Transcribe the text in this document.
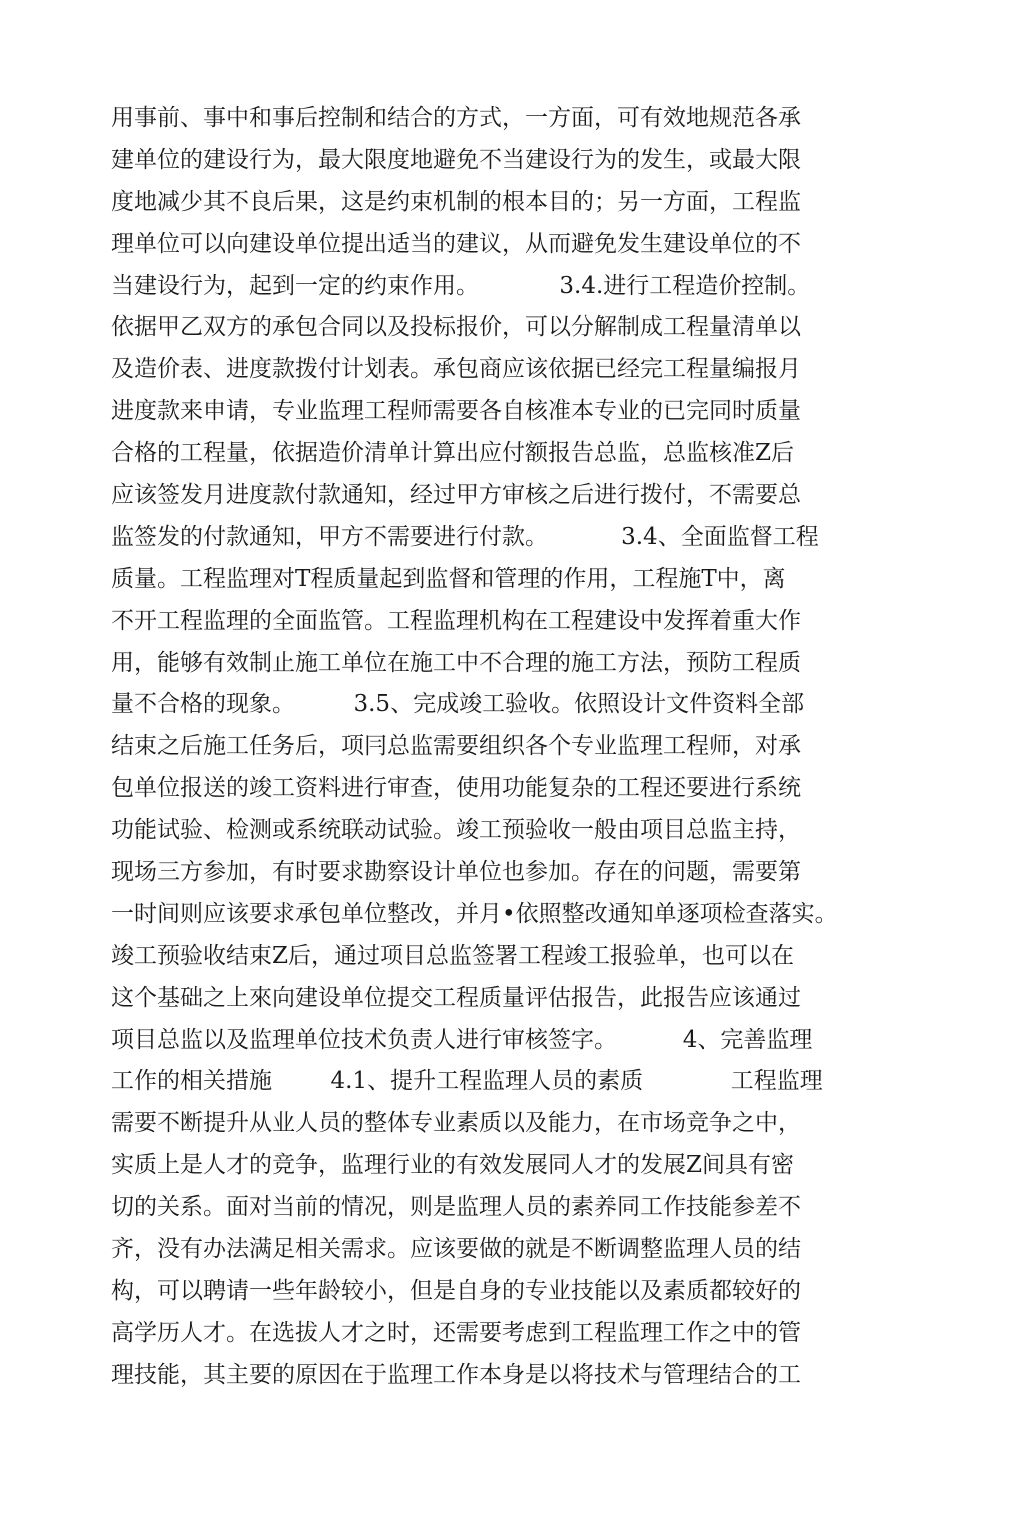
用事前、事中和事后控制和结合的方式，一方面，可有效地规范各承
建单位的建设行为，最大限度地避免不当建设行为的发生，或最大限
度地减少其不良后果，这是约束机制的根本目的；另一方面，工程监
理单位可以向建设单位提出适当的建议，从而避免发生建设单位的不
当建设行为，起到一定的约束作用。           3.4.进行工程造价控制。
依据甲乙双方的承包合同以及投标报价，可以分解制成工程量清单以
及造价表、进度款拨付计划表。承包商应该依据已经完工程量编报月
进度款来申请，专业监理工程师需要各自核准本专业的已完同时质量
合格的工程量，依据造价清单计算出应付额报告总监，总监核准Z后
应该签发月进度款付款通知，经过甲方审核之后进行拨付，不需要总
监签发的付款通知，甲方不需要进行付款。          3.4、全面监督工程
质量。工程监理对T程质量起到监督和管理的作用，工程施T中，离
不开工程监理的全面监管。工程监理机构在工程建设中发挥着重大作
用，能够有效制止施工单位在施工中不合理的施工方法，预防工程质
量不合格的现象。        3.5、完成竣工验收。依照设计文件资料全部
结束之后施工任务后，项冃总监需要组织各个专业监理工程师，对承
包单位报送的竣工资料进行审查，使用功能复杂的工程还要进行系统
功能试验、检测或系统联动试验。竣工预验收一般由项目总监主持，
现场三方参加，有时要求勘察设计单位也参加。存在的问题，需要第
一时间则应该要求承包单位整改，并月•依照整改通知单逐项检查落实。
竣工预验收结束Z后，通过项目总监签署工程竣工报验单，也可以在
这个基础之上來向建设单位提交工程质量评估报告，此报告应该通过
项目总监以及监理单位技术负责人进行审核签字。         4、完善监理
工作的相关措施        4.1、提升工程监理人员的素质            工程监理
需要不断提升从业人员的整体专业素质以及能力，在市场竞争之中，
实质上是人才的竞争，监理行业的有效发展同人才的发展Z间具有密
切的关系。面对当前的情况，则是监理人员的素养同工作技能参差不
齐，没有办法满足相关需求。应该要做的就是不断调整监理人员的结
构，可以聘请一些年龄较小，但是自身的专业技能以及素质都较好的
高学历人才。在选拔人才之时，还需要考虑到工程监理工作之中的管
理技能，其主要的原因在于监理工作本身是以将技术与管理结合的工
